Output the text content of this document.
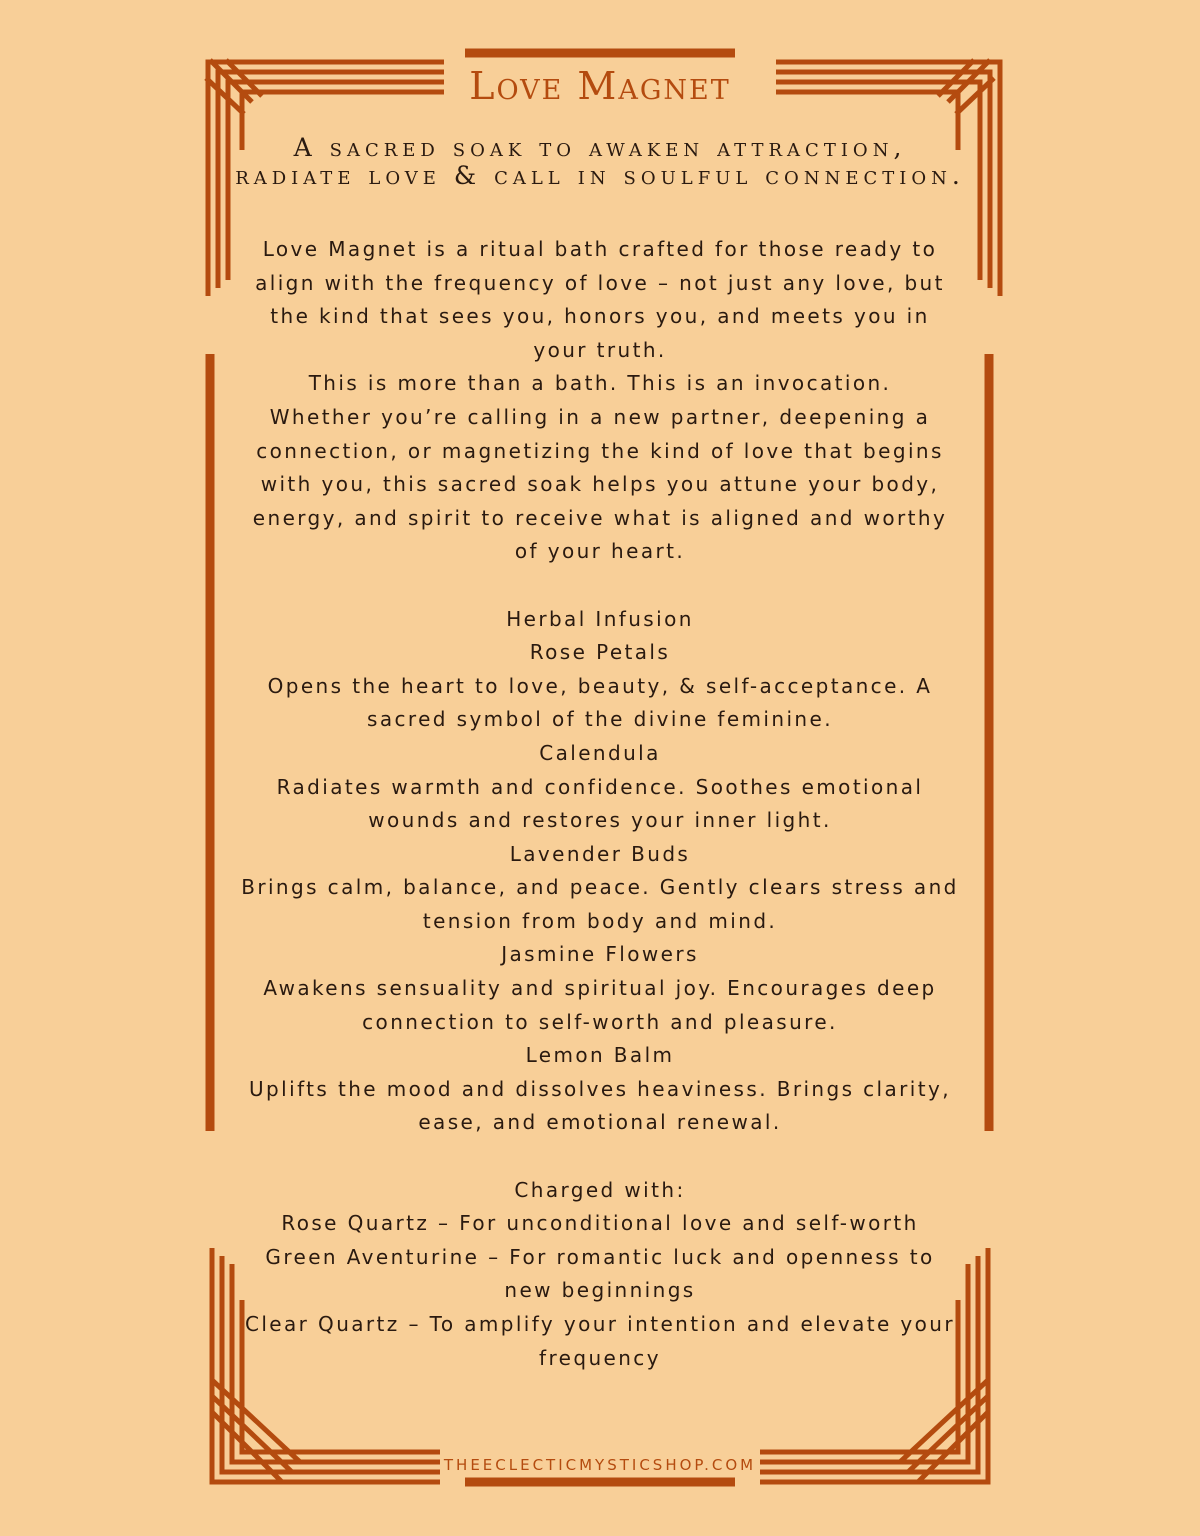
Love Magnet
A sacred soak to awaken attraction, radiate love & call in soulful connection.

Love Magnet is a ritual bath crafted for those ready to align with the frequency of love – not just any love, but the kind that sees you, honors you, and meets you in your truth.

This is more than a bath. This is an invocation.

Whether you’re calling in a new partner, deepening a connection, or magnetizing the kind of love that begins with you, this sacred soak helps you attune your body, energy, and spirit to receive what is aligned and worthy of your heart.

Herbal Infusion

Rose Petals

Opens the heart to love, beauty, & self-acceptance. A sacred symbol of the divine feminine.

Calendula

Radiates warmth and confidence. Soothes emotional wounds and restores your inner light.

Lavender Buds

Brings calm, balance, and peace. Gently clears stress and tension from body and mind.

Jasmine Flowers

Awakens sensuality and spiritual joy. Encourages deep connection to self-worth and pleasure.

Lemon Balm

Uplifts the mood and dissolves heaviness. Brings clarity, ease, and emotional renewal.

Charged with:

Rose Quartz – For unconditional love and self-worth

Green Aventurine – For romantic luck and openness to new beginnings

Clear Quartz – To amplify your intention and elevate your frequency

THEECLECTICMYSTICSHOP.COM
